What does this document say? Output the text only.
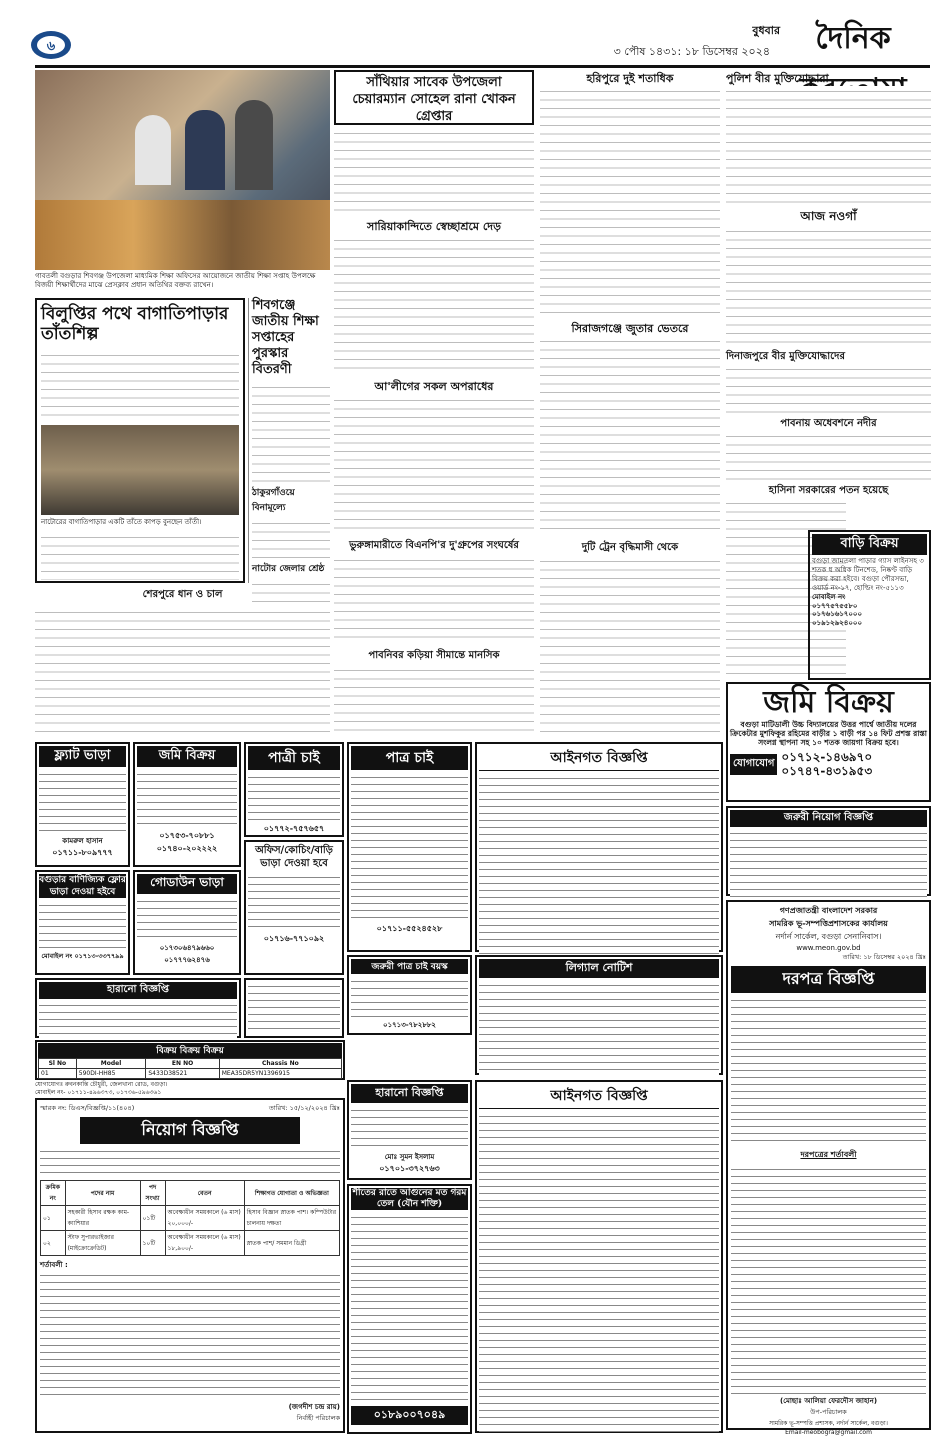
৬
বুধবার
৩ পৌষ ১৪৩১: ১৮ ডিসেম্বর ২০২৪	দৈনিক
গাবতলী বগুড়ার শিবগঞ্জ উপজেলা মাধ্যমিক শিক্ষা অফিসের আয়োজনে জাতীয় শিক্ষা সপ্তাহ উপলক্ষে বিজয়ী শিক্ষার্থীদের মাঝে প্রেসক্লাব প্রধান অতিথির বক্তব্য রাখেন।
বিলুপ্তির পথে বাগাতিপাড়ার তাঁতশিল্প
নাটোরের বাগাতিপাড়ার একটি তাঁতে কাপড় বুনছেন তাঁতী।
শিবগঞ্জে জাতীয় শিক্ষা সপ্তাহের পুরস্কার বিতরণী
ঠাকুরগাঁওয়ে বিনামূল্যে
নাটোর জেলার শ্রেষ্ঠ
শেরপুরে ধান ও চাল
সাঁথিয়ার সাবেক উপজেলা চেয়ারম্যান সোহেল রানা খোকন গ্রেপ্তার
সারিয়াকান্দিতে স্বেচ্ছাশ্রমে দেড়
আ'লীগের সকল অপরাধের
ভুরুঙ্গামারীতে বিএনপি'র দু'গ্রুপের সংঘর্ষের
পাবনিবর কড়িয়া সীমান্তে মানসিক
হরিপুরে দুই শতাধিক
সিরাজগঞ্জে জুতার ভেতরে
দুটি ট্রেন বৃদ্ধিমাসী থেকে
পুলিশ বীর মুক্তিযোদ্ধারা
আজ নওগাঁ
দিনাজপুরে বীর মুক্তিযোদ্ধাদের
পাবনায় অধেবশনে নদীর
হাসিনা সরকারের পতন হয়েছে
বাড়ি বিক্রয়
বগুড়া জামতলা পাড়ার গ্যাস লাইনসহ ৩ শতক ধ অধিক টিনশেড, নিষ্কণ্ট বাড়ি বিক্রয় করা হইবে। বগুড়া পৌরসভা, ওয়ার্ড নং-১৭, হোল্ডিং নং-৫১১৩
মোবাইল নং
০১৭৭৫৭৫৫৮০
০১৭৬১৬১৭০০০
০১৯১২৯২৪০০০
জমি বিক্রয়
বগুড়া মাটিডালী উচ্চ বিদ্যালয়ের উত্তর পার্শ্বে জাতীয় দলের ক্রিকেটার মুশফিকুর রহিমের বাড়ীর ১ বাড়ী পর ১৪ ফিট প্রশস্ত রাস্তা সংলগ্ন স্থাপনা সহ ১০ শতক জায়গা বিক্রয় হবে।
যোগাযোগ ০১৭১২-১৪৬৯৭০
০১৭৪৭-৪৩১৯৫৩
জরুরী নিয়োগ বিজ্ঞপ্তি
গণপ্রজাতন্ত্রী বাংলাদেশ সরকার
সামরিক ভূ-সম্পত্তিপ্রশাসকের কার্যালয়
নর্দার্ন সার্কেল, বগুড়া সেনানিবাস।
www.meon.gov.bd
তারিখ: ১৮ ডিসেম্বর ২০২৪ খ্রিঃ
দরপত্র বিজ্ঞপ্তি
দরপত্রের শর্তাবলী
(মোছাঃ আলিয়া ফেরদৌস জাহান)
উপ-পরিচালক
সামরিক ভূ-সম্পত্তি প্রশাসক, নর্দার্ন সার্কেল, বগুড়া।
Email-meobogra@gmail.com
ফ্ল্যাট ভাড়া
কামরুল হাসান
০১৭১১-৮০৯৭৭৭
জমি বিক্রয়
০১৭৫৩-৭০৮৮১
০১৭৪০-২০২২২২
পাত্রী চাই
০১৭৭২-৭৫৭৬৫৭
পাত্র চাই
০১৭১১-৫৫২৪৫২৮
আইনগত বিজ্ঞপ্তি
বগুড়ার বাণিজ্যিক ফ্লোর ভাড়া দেওয়া হইবে
মোবাইল নং ০১৭১৩-৩৩৭৭৯৯
গোডাউন ভাড়া
০১৭৩০৬৪৭৯৬৬০
০১৭৭৭৬২৪৭৬
অফিস/কোচিং/বাড়ি ভাড়া দেওয়া হবে
০১৭১৬-৭৭১০৯২
জরুরী পাত্র চাই বয়স্ক
০১৭১৩-৭৮২৮৮২
হারানো বিজ্ঞপ্তি
বিক্রয় বিক্রয় বিক্রয়
Sl No	Model	EN NO	Chassis No
01	590DI-HH85	S433D38521	MEA35DR5YN1396915
যোগাযোগঃ রুবনকান্তি চৌধুরী, জেলখানা রোড, বগুড়া।
মোবাইল নং- ০১৭১১-৪৯৬৩৭৩, ০১৭৩৬-৫৯৬৩৬১
লিগ্যাল নোটিশ
স্মারক নং: ডিএস/বিজ্ঞপ্তি/১১(৪০৪)	তারিখ: ১৫/১২/২০২৪ খ্রিঃ
নিয়োগ বিজ্ঞপ্তি
ক্রমিক নং	পদের নাম	পদ সংখ্যা	বেতন	শিক্ষাগত যোগ্যতা ও অভিজ্ঞতা
০১	সহকারী হিসাব রক্ষক কাম-ক্যাশিয়ার	০১টি	অবেক্ষাধীন সময়কালে (৬ মাস) ২০,০০০/-	হিসাব বিজ্ঞান স্নাতক পাশ। কম্পিউটার চালনায় দক্ষতা
০২	স্টাফ সুপারভাইজার (মাইক্রোক্রেডিট)	১০টি	অবেক্ষাধীন সময়কালে (৬ মাস) ১৮,৯০০/-	স্নাতক পাশ/ সমমান ডিগ্রী
শর্তাবলী :
(জগদীশ চন্দ্র রায়)
নির্বাহী পরিচালক
হারানো বিজ্ঞপ্তি
মোঃ সুমন ইসলাম
০১৭০১-৩৭২৭৬৩
শীতের রাতে আগুনের মত গরম তেল (যৌন শক্তি)
০১৮৯০০৭০৪৯
আইনগত বিজ্ঞপ্তি
